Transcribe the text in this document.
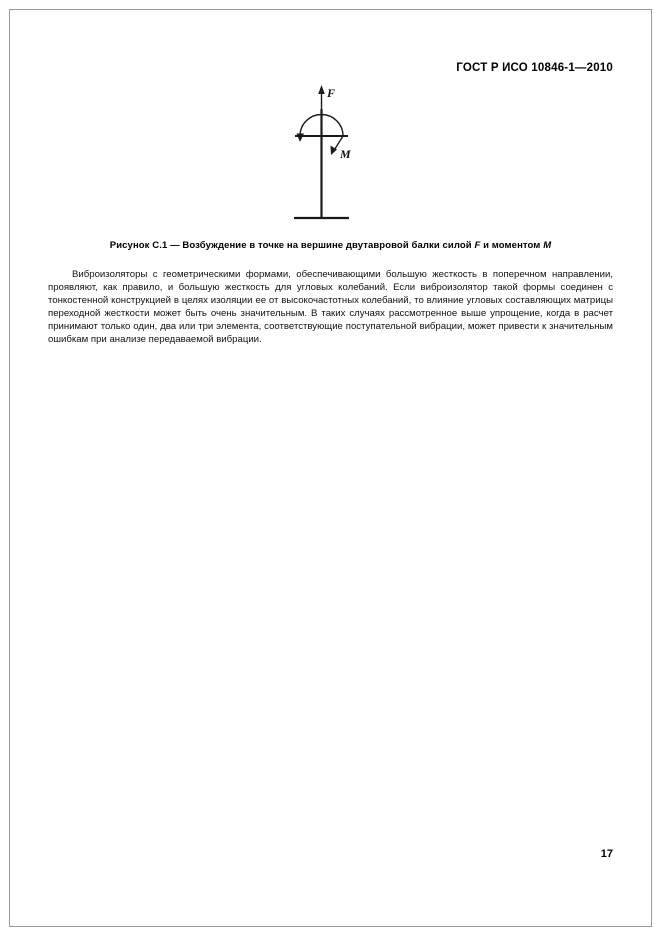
ГОСТ Р ИСО 10846-1—2010
F
M
Рисунок С.1 — Возбуждение в точке на вершине двутавровой балки силой F и моментом M
Виброизоляторы с геометрическими формами, обеспечивающими большую жесткость в поперечном направлении, проявляют, как правило, и большую жесткость для угловых колебаний. Если виброизолятор такой формы соединен с тонкостенной конструкцией в целях изоляции ее от высокочастотных колебаний, то влияние угловых составляющих матрицы переходной жесткости может быть очень значительным. В таких случаях рассмотренное выше упрощение, когда в расчет принимают только один, два или три элемента, соответствующие поступательной вибрации, может привести к значительным ошибкам при анализе передаваемой вибрации.
17
